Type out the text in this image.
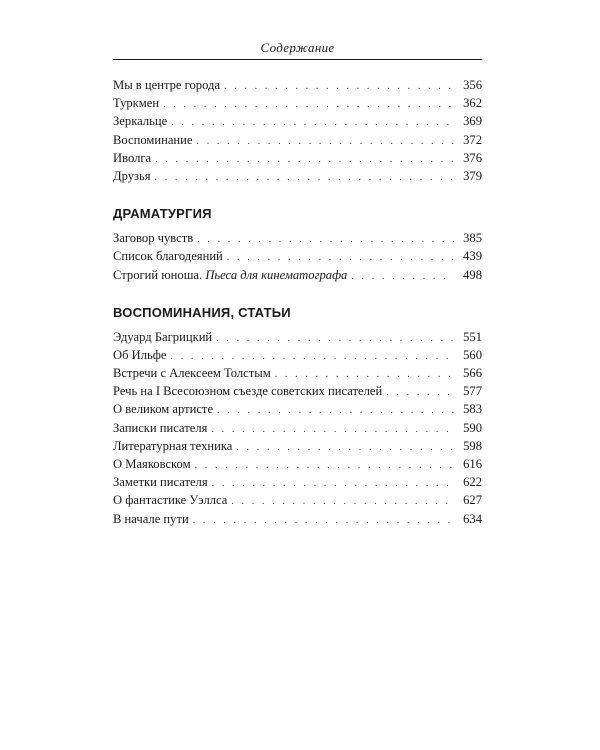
Содержание
Мы в центре города . . .	356
Туркмен . . .	362
Зеркальце . . .	369
Воспоминание . . .	372
Иволга . . .	376
Друзья . . .	379
ДРАМАТУРГИЯ
Заговор чувств . . .	385
Список благодеяний . . .	439
Строгий юноша. Пьеса для кинематографа . . .	498
ВОСПОМИНАНИЯ, СТАТЬИ
Эдуард Багрицкий . . .	551
Об Ильфе . . .	560
Встречи с Алексеем Толстым . . .	566
Речь на I Всесоюзном съезде советских писателей . . .	577
О великом артисте . . .	583
Записки писателя . . .	590
Литературная техника . . .	598
О Маяковском . . .	616
Заметки писателя . . .	622
О фантастике Уэллса . . .	627
В начале пути . . .	634
